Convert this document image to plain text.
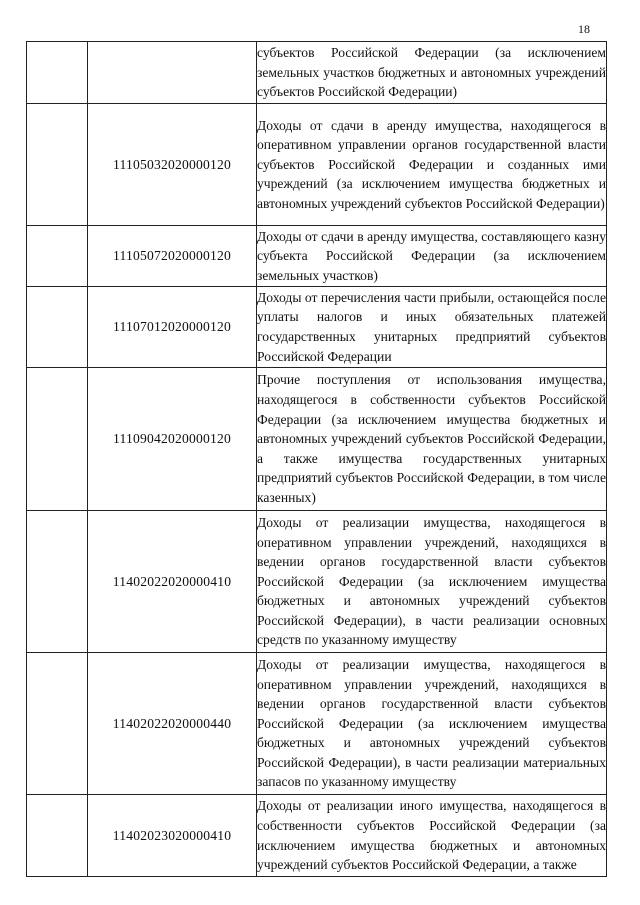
18
		субъектов Российской Федерации (за исключением земельных участков бюджетных и автономных учреждений субъектов Российской Федерации)
	11105032020000120	Доходы от сдачи в аренду имущества, находящегося в оперативном управлении органов государственной власти субъектов Российской Федерации и созданных ими учреждений (за исключением имущества бюджетных и автономных учреждений субъектов Российской Федерации)
	11105072020000120	Доходы от сдачи в аренду имущества, составляющего казну субъекта Российской Федерации (за исключением земельных участков)
	11107012020000120	Доходы от перечисления части прибыли, остающейся после уплаты налогов и иных обязательных платежей государственных унитарных предприятий субъектов Российской Федерации
	11109042020000120	Прочие поступления от использования имущества, находящегося в собственности субъектов Российской Федерации (за исключением имущества бюджетных и автономных учреждений субъектов Российской Федерации, а также имущества государственных унитарных предприятий субъектов Российской Федерации, в том числе казенных)
	11402022020000410	Доходы от реализации имущества, находящегося в оперативном управлении учреждений, находящихся в ведении органов государственной власти субъектов Российской Федерации (за исключением имущества бюджетных и автономных учреждений субъектов Российской Федерации), в части реализации основных средств по указанному имуществу
	11402022020000440	Доходы от реализации имущества, находящегося в оперативном управлении учреждений, находящихся в ведении органов государственной власти субъектов Российской Федерации (за исключением имущества бюджетных и автономных учреждений субъектов Российской Федерации), в части реализации материальных запасов по указанному имуществу
	11402023020000410	Доходы от реализации иного имущества, находящегося в собственности субъектов Российской Федерации (за исключением имущества бюджетных и автономных учреждений субъектов Российской Федерации, а также
